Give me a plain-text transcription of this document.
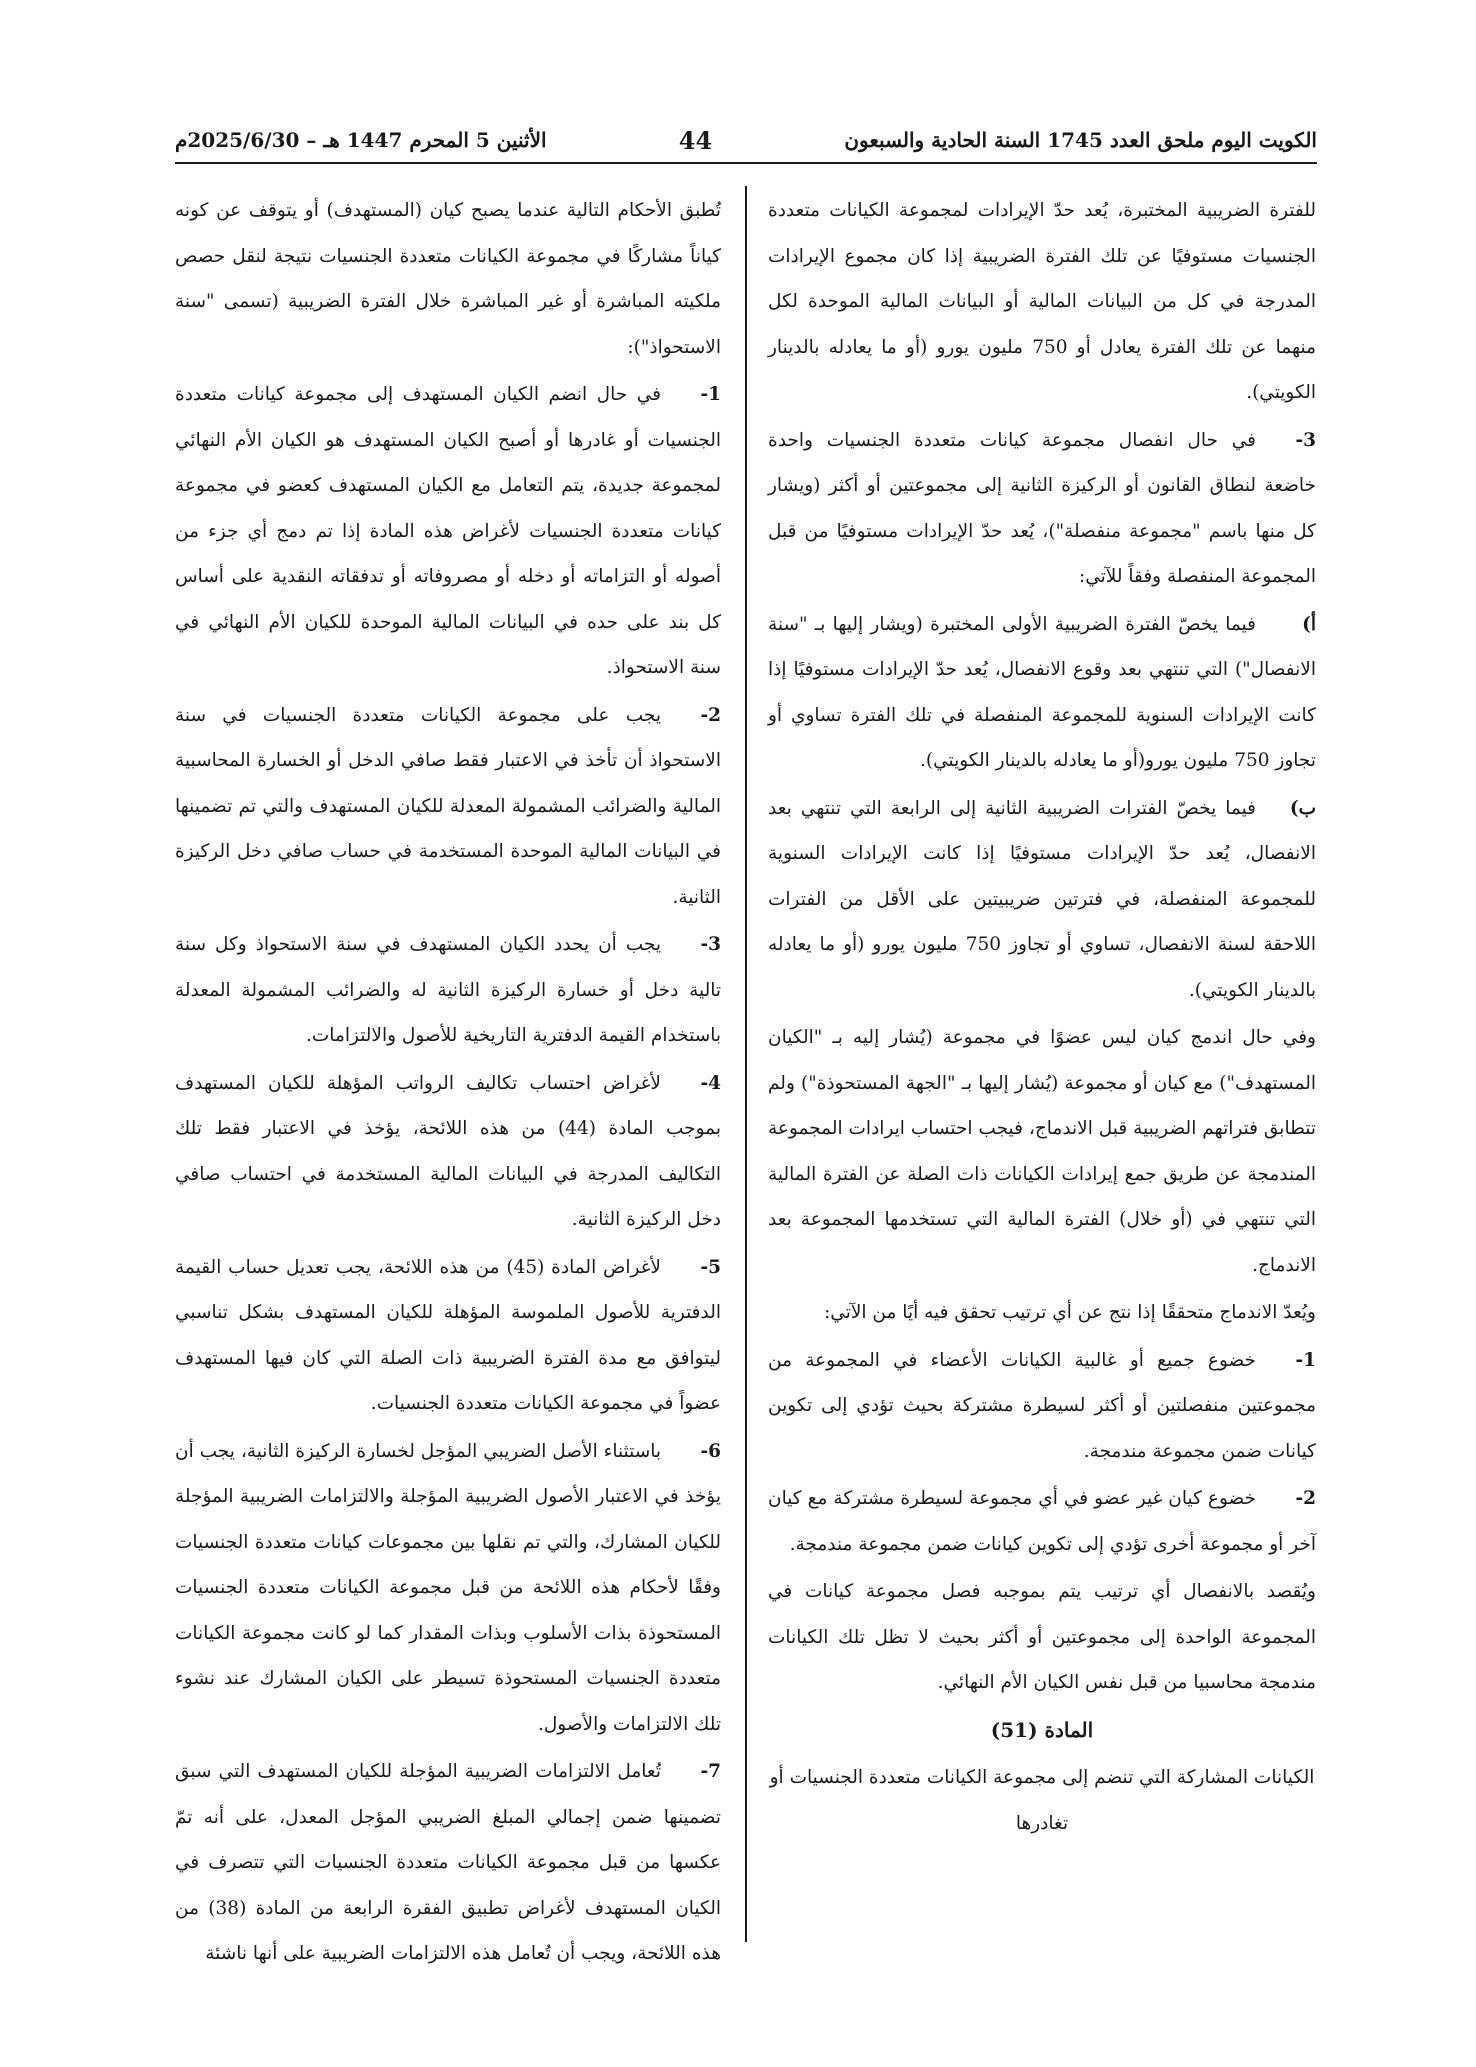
الكويت اليوم ملحق العدد 1745 السنة الحادية والسبعون
44
الأثنين 5 المحرم 1447 هـ – 2025/6/30م

للفترة الضريبية المختبرة، يُعد حدّ الإيرادات لمجموعة الكيانات متعددة الجنسيات مستوفيًا عن تلك الفترة الضريبية إذا كان مجموع الإيرادات المدرجة في كل من البيانات المالية أو البيانات المالية الموحدة لكل منهما عن تلك الفترة يعادل أو 750 مليون يورو (أو ما يعادله بالدينار الكويتي).

3-في حال انفصال مجموعة كيانات متعددة الجنسيات واحدة خاضعة لنطاق القانون أو الركيزة الثانية إلى مجموعتين أو أكثر (ويشار كل منها باسم "مجموعة منفصلة")، يُعد حدّ الإيرادات مستوفيًا من قبل المجموعة المنفصلة وفقاً للآتي:

أ)فيما يخصّ الفترة الضريبية الأولى المختبرة (ويشار إليها بـ "سنة الانفصال") التي تنتهي بعد وقوع الانفصال، يُعد حدّ الإيرادات مستوفيًا إذا كانت الإيرادات السنوية للمجموعة المنفصلة في تلك الفترة تساوي أو تجاوز 750 مليون يورو(أو ما يعادله بالدينار الكويتي).

ب)فيما يخصّ الفترات الضريبية الثانية إلى الرابعة التي تنتهي بعد الانفصال، يُعد حدّ الإيرادات مستوفيًا إذا كانت الإيرادات السنوية للمجموعة المنفصلة، في فترتين ضريبيتين على الأقل من الفترات اللاحقة لسنة الانفصال، تساوي أو تجاوز 750 مليون يورو (أو ما يعادله بالدينار الكويتي).

وفي حال اندمج كيان ليس عضوًا في مجموعة (يُشار إليه بـ "الكيان المستهدف") مع كيان أو مجموعة (يُشار إليها بـ "الجهة المستحوذة") ولم تتطابق فتراتهم الضريبية قبل الاندماج، فيجب احتساب ايرادات المجموعة المندمجة عن طريق جمع إيرادات الكيانات ذات الصلة عن الفترة المالية التي تنتهي في (أو خلال) الفترة المالية التي تستخدمها المجموعة بعد الاندماج.

ويُعدّ الاندماج متحققًا إذا نتج عن أي ترتيب تحقق فيه أيًا من الآتي:

1-خضوع جميع أو غالبية الكيانات الأعضاء في المجموعة من مجموعتين منفصلتين أو أكثر لسيطرة مشتركة بحيث تؤدي إلى تكوين كيانات ضمن مجموعة مندمجة.

2-خضوع كيان غير عضو في أي مجموعة لسيطرة مشتركة مع كيان آخر أو مجموعة أخرى تؤدي إلى تكوين كيانات ضمن مجموعة مندمجة.

ويُقصد بالانفصال أي ترتيب يتم بموجبه فصل مجموعة كيانات في المجموعة الواحدة إلى مجموعتين أو أكثر بحيث لا تظل تلك الكيانات مندمجة محاسبيا من قبل نفس الكيان الأم النهائي.

المادة (51)

الكيانات المشاركة التي تنضم إلى مجموعة الكيانات متعددة الجنسيات أو تغادرها

تُطبق الأحكام التالية عندما يصبح كيان (المستهدف) أو يتوقف عن كونه كياناً مشاركًا في مجموعة الكيانات متعددة الجنسيات نتيجة لنقل حصص ملكيته المباشرة أو غير المباشرة خلال الفترة الضريبية (تسمى "سنة الاستحواذ"):

1-في حال انضم الكيان المستهدف إلى مجموعة كيانات متعددة الجنسيات أو غادرها أو أصبح الكيان المستهدف هو الكيان الأم النهائي لمجموعة جديدة، يتم التعامل مع الكيان المستهدف كعضو في مجموعة كيانات متعددة الجنسيات لأغراض هذه المادة إذا تم دمج أي جزء من أصوله أو التزاماته أو دخله أو مصروفاته أو تدفقاته النقدية على أساس كل بند على حده في البيانات المالية الموحدة للكيان الأم النهائي في سنة الاستحواذ.

2-يجب على مجموعة الكيانات متعددة الجنسيات في سنة الاستحواذ أن تأخذ في الاعتبار فقط صافي الدخل أو الخسارة المحاسبية المالية والضرائب المشمولة المعدلة للكيان المستهدف والتي تم تضمينها في البيانات المالية الموحدة المستخدمة في حساب صافي دخل الركيزة الثانية.

3-يجب أن يحدد الكيان المستهدف في سنة الاستحواذ وكل سنة تالية دخل أو خسارة الركيزة الثانية له والضرائب المشمولة المعدلة باستخدام القيمة الدفترية التاريخية للأصول والالتزامات.

4-لأغراض احتساب تكاليف الرواتب المؤهلة للكيان المستهدف بموجب المادة (44) من هذه اللائحة، يؤخذ في الاعتبار فقط تلك التكاليف المدرجة في البيانات المالية المستخدمة في احتساب صافي دخل الركيزة الثانية.

5-لأغراض المادة (45) من هذه اللائحة، يجب تعديل حساب القيمة الدفترية للأصول الملموسة المؤهلة للكيان المستهدف بشكل تناسبي ليتوافق مع مدة الفترة الضريبية ذات الصلة التي كان فيها المستهدف عضواً في مجموعة الكيانات متعددة الجنسيات.

6-باستثناء الأصل الضريبي المؤجل لخسارة الركيزة الثانية، يجب أن يؤخذ في الاعتبار الأصول الضريبية المؤجلة والالتزامات الضريبية المؤجلة للكيان المشارك، والتي تم نقلها بين مجموعات كيانات متعددة الجنسيات وفقًا لأحكام هذه اللائحة من قبل مجموعة الكيانات متعددة الجنسيات المستحوذة بذات الأسلوب وبذات المقدار كما لو كانت مجموعة الكيانات متعددة الجنسيات المستحوذة تسيطر على الكيان المشارك عند نشوء تلك الالتزامات والأصول.

7-تُعامل الالتزامات الضريبية المؤجلة للكيان المستهدف التي سبق تضمينها ضمن إجمالي المبلغ الضريبي المؤجل المعدل، على أنه تمّ عكسها من قبل مجموعة الكيانات متعددة الجنسيات التي تتصرف في الكيان المستهدف لأغراض تطبيق الفقرة الرابعة من المادة (38) من هذه اللائحة، ويجب أن تُعامل هذه الالتزامات الضريبية على أنها ناشئة
